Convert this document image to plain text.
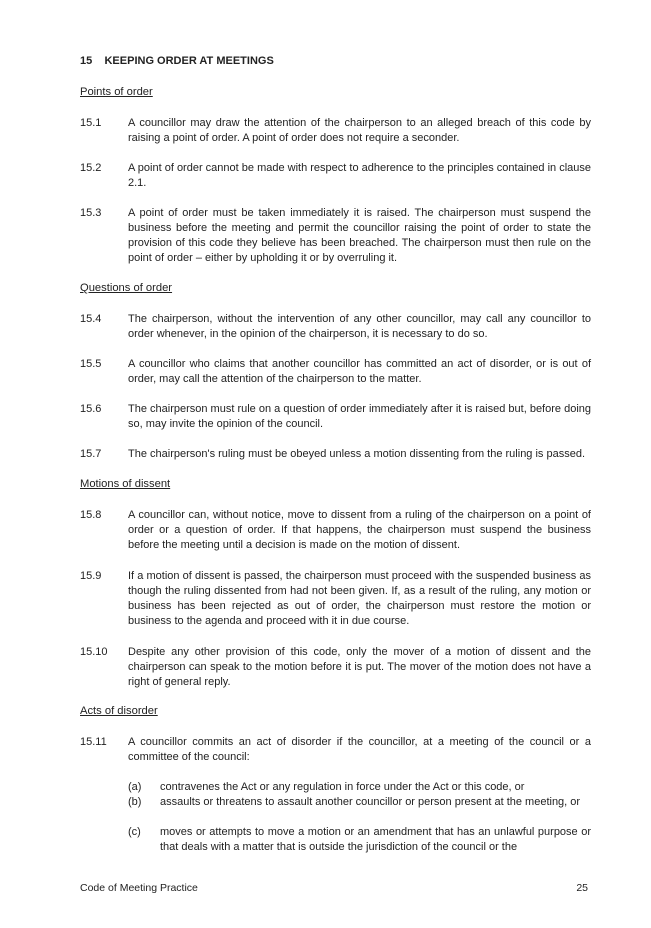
15 KEEPING ORDER AT MEETINGS
Points of order
15.1	A councillor may draw the attention of the chairperson to an alleged breach of this code by raising a point of order. A point of order does not require a seconder.
15.2	A point of order cannot be made with respect to adherence to the principles contained in clause 2.1.
15.3	A point of order must be taken immediately it is raised. The chairperson must suspend the business before the meeting and permit the councillor raising the point of order to state the provision of this code they believe has been breached. The chairperson must then rule on the point of order – either by upholding it or by overruling it.
Questions of order
15.4	The chairperson, without the intervention of any other councillor, may call any councillor to order whenever, in the opinion of the chairperson, it is necessary to do so.
15.5	A councillor who claims that another councillor has committed an act of disorder, or is out of order, may call the attention of the chairperson to the matter.
15.6	The chairperson must rule on a question of order immediately after it is raised but, before doing so, may invite the opinion of the council.
15.7	The chairperson's ruling must be obeyed unless a motion dissenting from the ruling is passed.
Motions of dissent
15.8	A councillor can, without notice, move to dissent from a ruling of the chairperson on a point of order or a question of order. If that happens, the chairperson must suspend the business before the meeting until a decision is made on the motion of dissent.
15.9	If a motion of dissent is passed, the chairperson must proceed with the suspended business as though the ruling dissented from had not been given. If, as a result of the ruling, any motion or business has been rejected as out of order, the chairperson must restore the motion or business to the agenda and proceed with it in due course.
15.10	Despite any other provision of this code, only the mover of a motion of dissent and the chairperson can speak to the motion before it is put. The mover of the motion does not have a right of general reply.
Acts of disorder
15.11	A councillor commits an act of disorder if the councillor, at a meeting of the council or a committee of the council:
(a)	contravenes the Act or any regulation in force under the Act or this code, or
(b)	assaults or threatens to assault another councillor or person present at the meeting, or
(c)	moves or attempts to move a motion or an amendment that has an unlawful purpose or that deals with a matter that is outside the jurisdiction of the council or the
Code of Meeting Practice	25
